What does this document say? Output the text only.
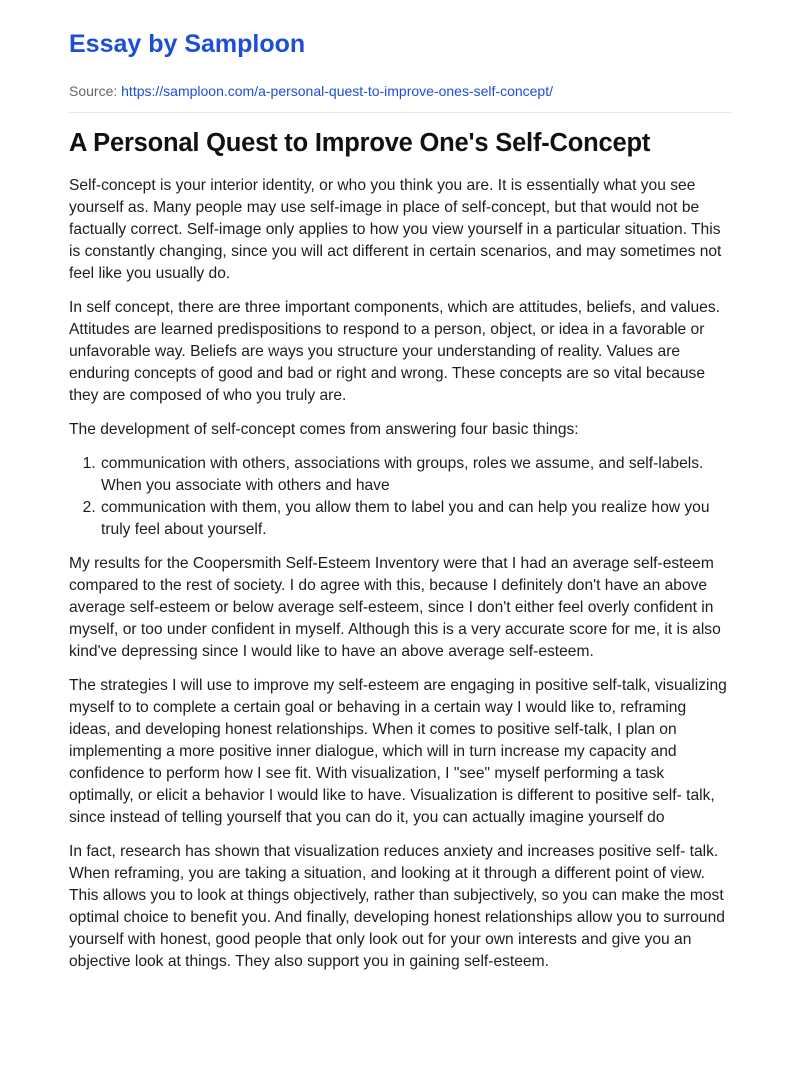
Essay by Samploon
Source: https://samploon.com/a-personal-quest-to-improve-ones-self-concept/
A Personal Quest to Improve One's Self-Concept

Self-concept is your interior identity, or who you think you are. It is essentially what you see yourself as. Many people may use self-image in place of self-concept, but that would not be factually correct. Self-image only applies to how you view yourself in a particular situation. This is constantly changing, since you will act different in certain scenarios, and may sometimes not feel like you usually do.

In self concept, there are three important components, which are attitudes, beliefs, and values. Attitudes are learned predispositions to respond to a person, object, or idea in a favorable or unfavorable way. Beliefs are ways you structure your understanding of reality. Values are enduring concepts of good and bad or right and wrong. These concepts are so vital because they are composed of who you truly are.

The development of self-concept comes from answering four basic things:

1. communication with others, associations with groups, roles we assume, and self-labels. When you associate with others and have
2. communication with them, you allow them to label you and can help you realize how you truly feel about yourself.

My results for the Coopersmith Self-Esteem Inventory were that I had an average self-esteem compared to the rest of society. I do agree with this, because I definitely don't have an above average self-esteem or below average self-esteem, since I don't either feel overly confident in myself, or too under confident in myself. Although this is a very accurate score for me, it is also kind've depressing since I would like to have an above average self-esteem.

The strategies I will use to improve my self-esteem are engaging in positive self-talk, visualizing myself to to complete a certain goal or behaving in a certain way I would like to, reframing ideas, and developing honest relationships. When it comes to positive self-talk, I plan on implementing a more positive inner dialogue, which will in turn increase my capacity and confidence to perform how I see fit. With visualization, I "see" myself performing a task optimally, or elicit a behavior I would like to have. Visualization is different to positive self- talk, since instead of telling yourself that you can do it, you can actually imagine yourself do

In fact, research has shown that visualization reduces anxiety and increases positive self- talk. When reframing, you are taking a situation, and looking at it through a different point of view. This allows you to look at things objectively, rather than subjectively, so you can make the most optimal choice to benefit you. And finally, developing honest relationships allow you to surround yourself with honest, good people that only look out for your own interests and give you an objective look at things. They also support you in gaining self-esteem.
